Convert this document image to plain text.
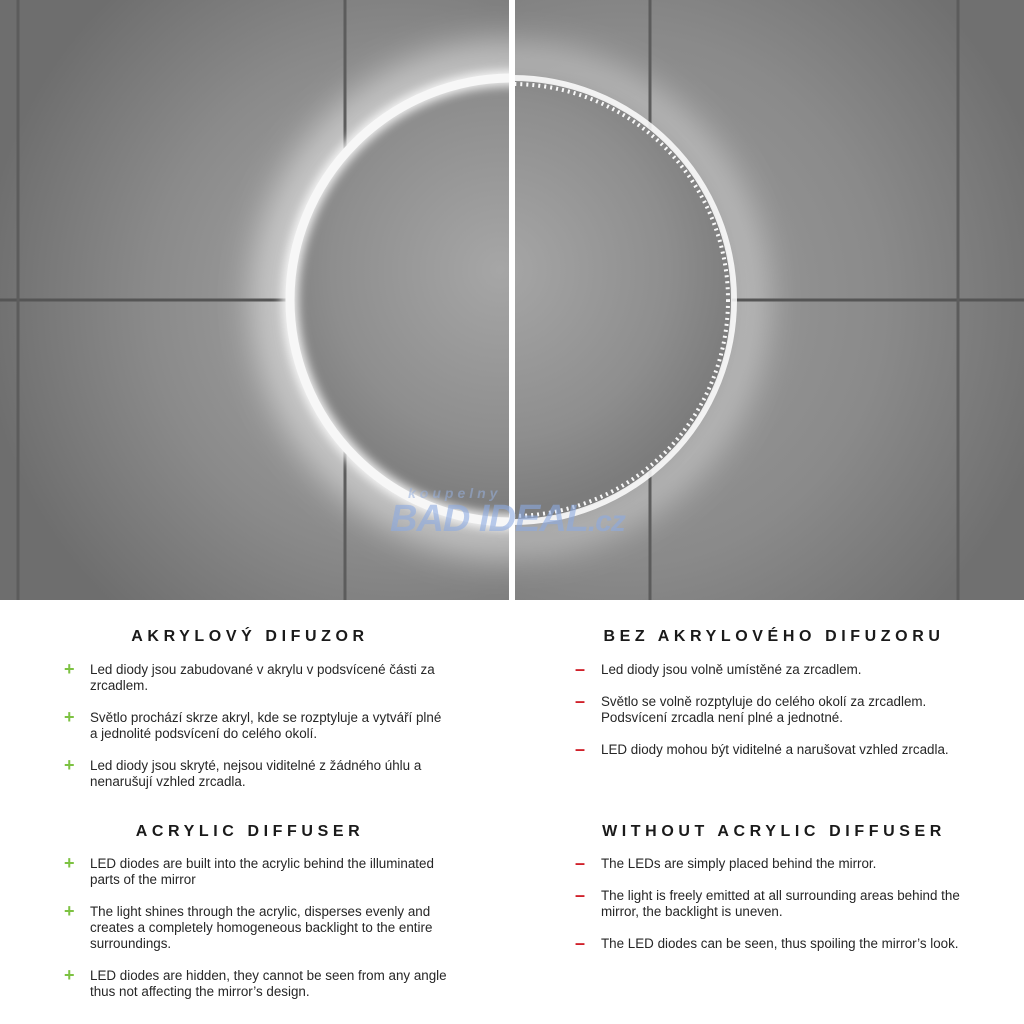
koupelny
BAD IDEAL.cz
AKRYLOVÝ DIFUZOR
+	Led diody jsou zabudované v akrylu v podsvícené části za zrcadlem.
+	Světlo prochází skrze akryl, kde se rozptyluje a vytváří plné a jednolité podsvícení do celého okolí.
+	Led diody jsou skryté, nejsou viditelné z žádného úhlu a nenarušují vzhled zrcadla.
ACRYLIC DIFFUSER
+	LED diodes are built into the acrylic behind the illuminated parts of the mirror
+	The light shines through the acrylic, disperses evenly and creates a completely homogeneous backlight to the entire surroundings.
+	LED diodes are hidden, they cannot be seen from any angle thus not affecting the mirror’s design.
BEZ AKRYLOVÉHO DIFUZORU
–	Led diody jsou volně umístěné za zrcadlem.
–	Světlo se volně rozptyluje do celého okolí za zrcadlem. Podsvícení zrcadla není plné a jednotné.
–	LED diody mohou být viditelné a narušovat vzhled zrcadla.
WITHOUT ACRYLIC DIFFUSER
–	The LEDs are simply placed behind the mirror.
–	The light is freely emitted at all surrounding areas behind the mirror, the backlight is uneven.
–	The LED diodes can be seen, thus spoiling the mirror’s look.
